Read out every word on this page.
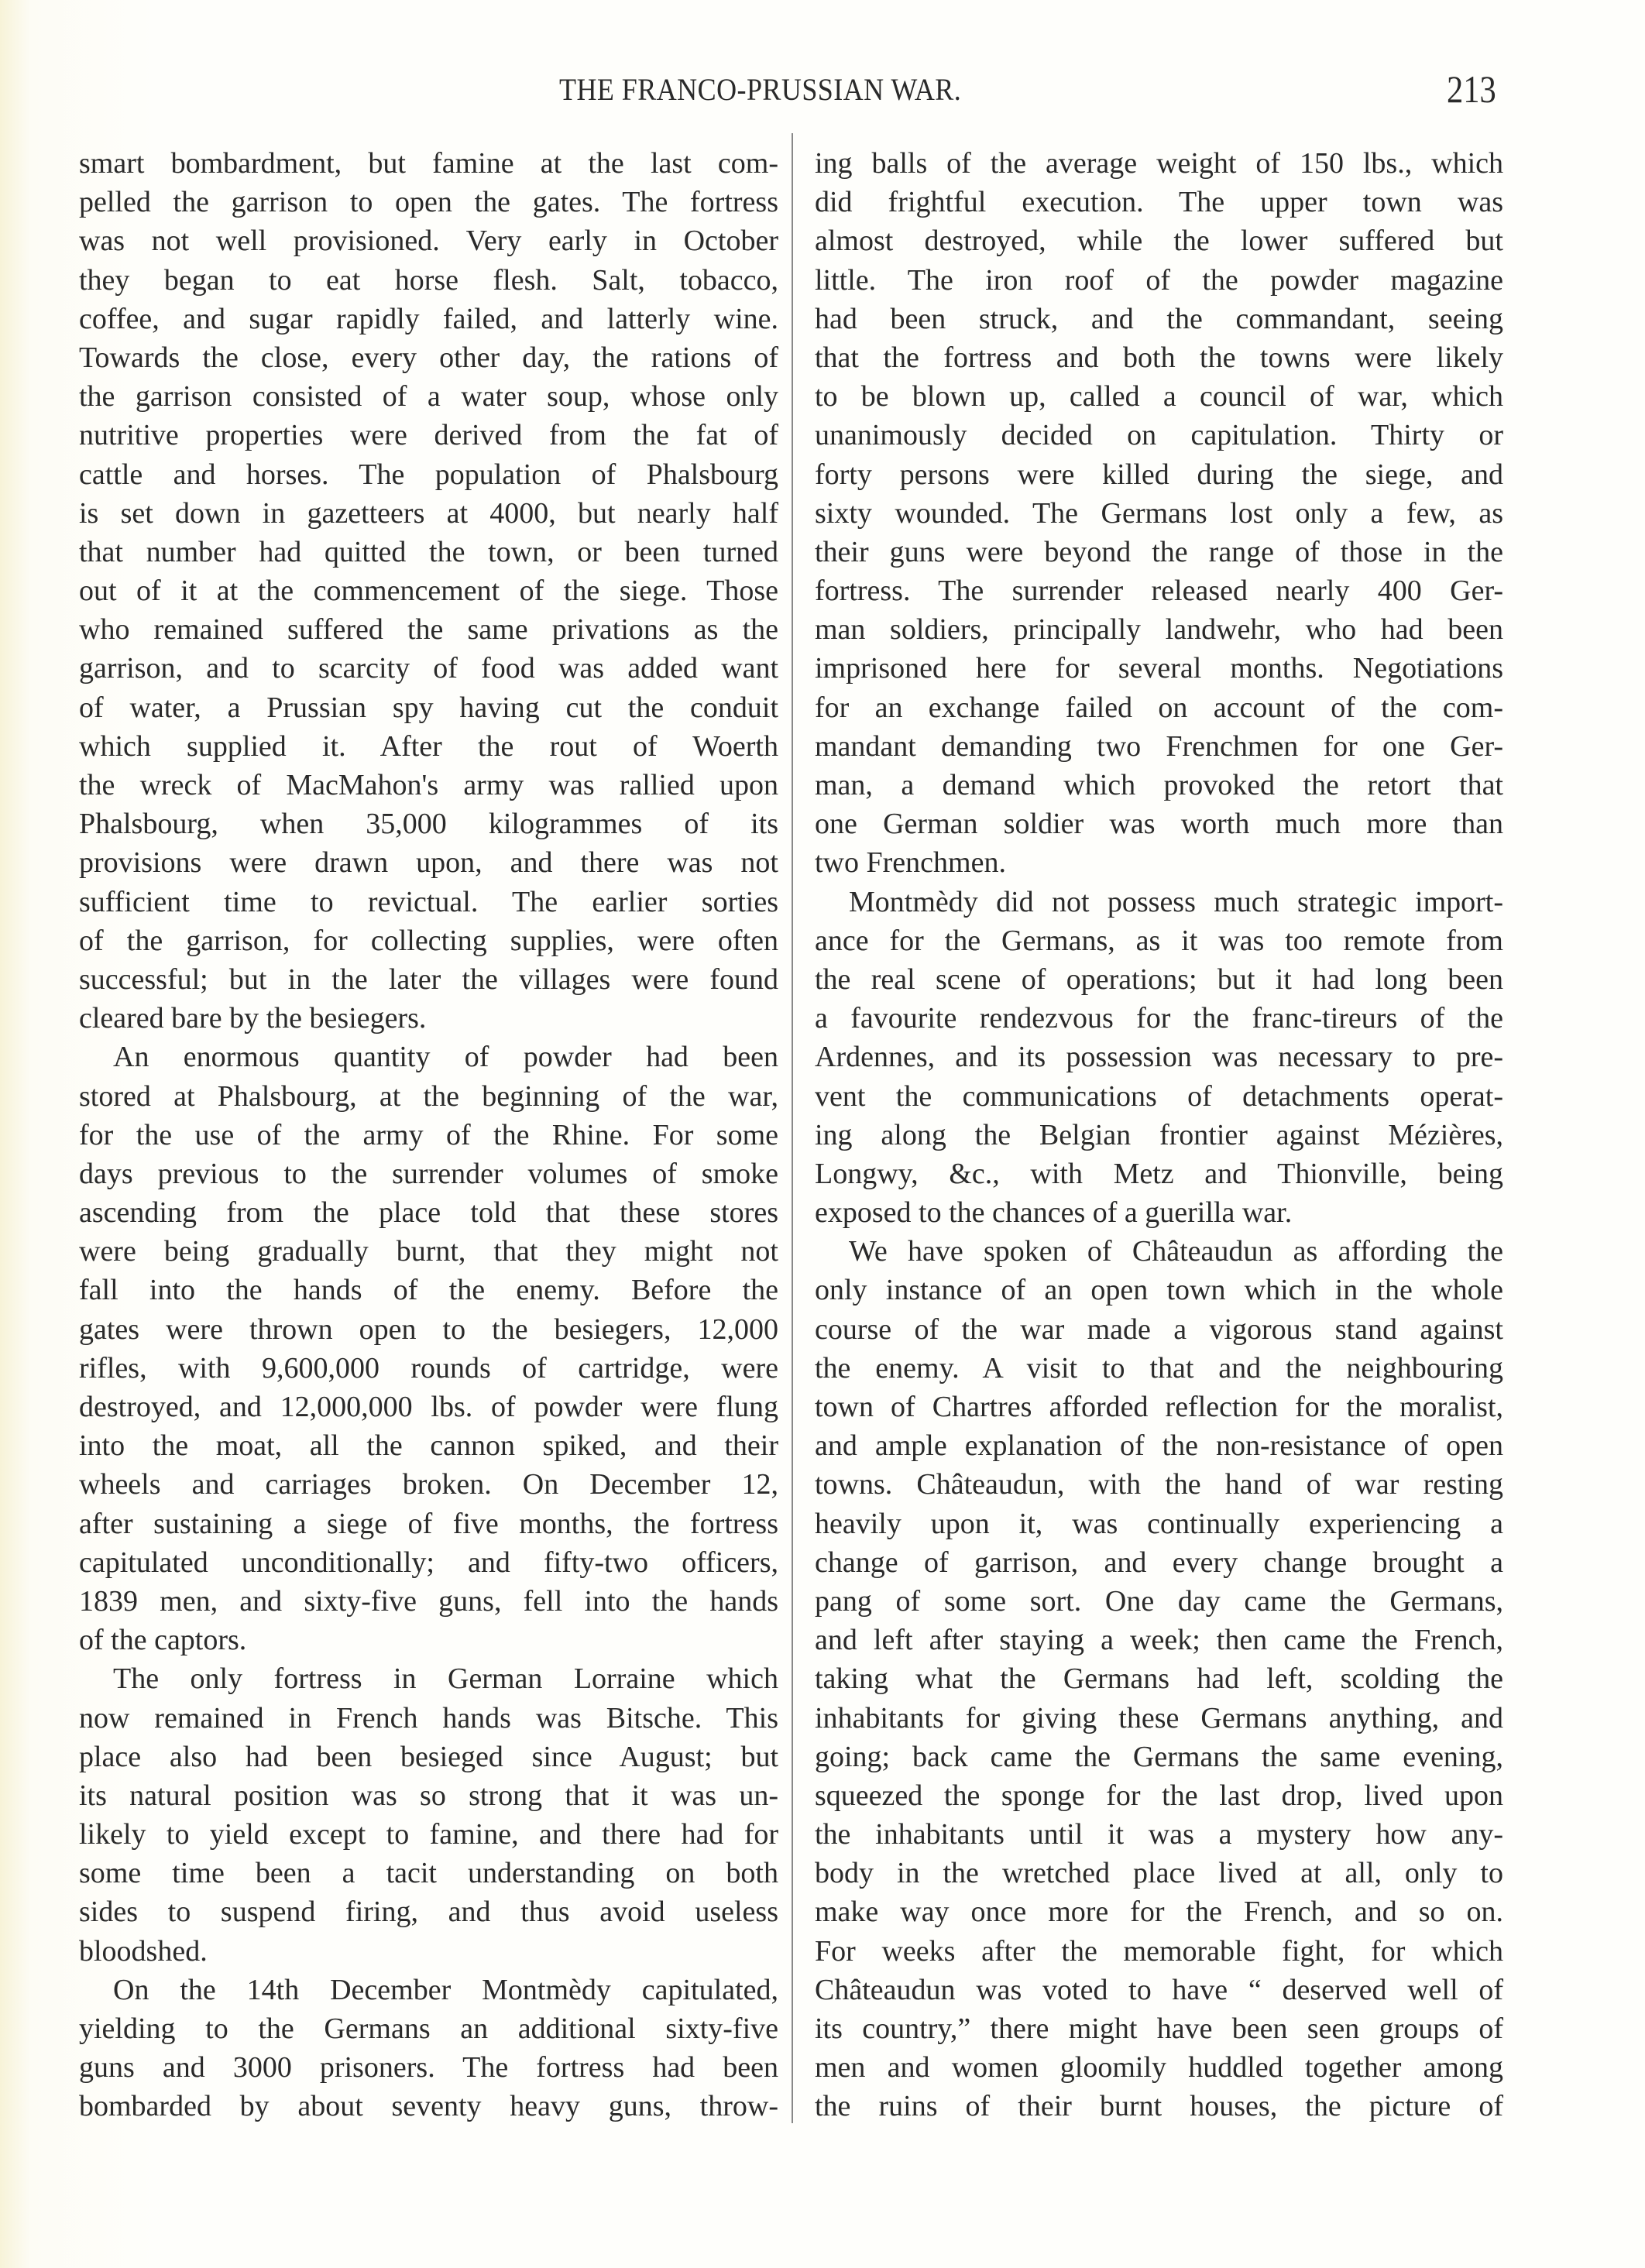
THE FRANCO-PRUSSIAN WAR.	213
smart bombardment, but famine at the last com-
pelled the garrison to open the gates. The fortress
was not well provisioned. Very early in October
they began to eat horse flesh. Salt, tobacco,
coffee, and sugar rapidly failed, and latterly wine.
Towards the close, every other day, the rations of
the garrison consisted of a water soup, whose only
nutritive properties were derived from the fat of
cattle and horses. The population of Phalsbourg
is set down in gazetteers at 4000, but nearly half
that number had quitted the town, or been turned
out of it at the commencement of the siege. Those
who remained suffered the same privations as the
garrison, and to scarcity of food was added want
of water, a Prussian spy having cut the conduit
which supplied it. After the rout of Woerth
the wreck of MacMahon's army was rallied upon
Phalsbourg, when 35,000 kilogrammes of its
provisions were drawn upon, and there was not
sufficient time to revictual. The earlier sorties
of the garrison, for collecting supplies, were often
successful; but in the later the villages were found
cleared bare by the besiegers.
An enormous quantity of powder had been
stored at Phalsbourg, at the beginning of the war,
for the use of the army of the Rhine. For some
days previous to the surrender volumes of smoke
ascending from the place told that these stores
were being gradually burnt, that they might not
fall into the hands of the enemy. Before the
gates were thrown open to the besiegers, 12,000
rifles, with 9,600,000 rounds of cartridge, were
destroyed, and 12,000,000 lbs. of powder were flung
into the moat, all the cannon spiked, and their
wheels and carriages broken. On December 12,
after sustaining a siege of five months, the fortress
capitulated unconditionally; and fifty-two officers,
1839 men, and sixty-five guns, fell into the hands
of the captors.
The only fortress in German Lorraine which
now remained in French hands was Bitsche. This
place also had been besieged since August; but
its natural position was so strong that it was un-
likely to yield except to famine, and there had for
some time been a tacit understanding on both
sides to suspend firing, and thus avoid useless
bloodshed.
On the 14th December Montmèdy capitulated,
yielding to the Germans an additional sixty-five
guns and 3000 prisoners. The fortress had been
bombarded by about seventy heavy guns, throw-
ing balls of the average weight of 150 lbs., which
did frightful execution. The upper town was
almost destroyed, while the lower suffered but
little. The iron roof of the powder magazine
had been struck, and the commandant, seeing
that the fortress and both the towns were likely
to be blown up, called a council of war, which
unanimously decided on capitulation. Thirty or
forty persons were killed during the siege, and
sixty wounded. The Germans lost only a few, as
their guns were beyond the range of those in the
fortress. The surrender released nearly 400 Ger-
man soldiers, principally landwehr, who had been
imprisoned here for several months. Negotiations
for an exchange failed on account of the com-
mandant demanding two Frenchmen for one Ger-
man, a demand which provoked the retort that
one German soldier was worth much more than
two Frenchmen.
Montmèdy did not possess much strategic import-
ance for the Germans, as it was too remote from
the real scene of operations; but it had long been
a favourite rendezvous for the franc-tireurs of the
Ardennes, and its possession was necessary to pre-
vent the communications of detachments operat-
ing along the Belgian frontier against Mézières,
Longwy, &c., with Metz and Thionville, being
exposed to the chances of a guerilla war.
We have spoken of Châteaudun as affording the
only instance of an open town which in the whole
course of the war made a vigorous stand against
the enemy. A visit to that and the neighbouring
town of Chartres afforded reflection for the moralist,
and ample explanation of the non-resistance of open
towns. Châteaudun, with the hand of war resting
heavily upon it, was continually experiencing a
change of garrison, and every change brought a
pang of some sort. One day came the Germans,
and left after staying a week; then came the French,
taking what the Germans had left, scolding the
inhabitants for giving these Germans anything, and
going; back came the Germans the same evening,
squeezed the sponge for the last drop, lived upon
the inhabitants until it was a mystery how any-
body in the wretched place lived at all, only to
make way once more for the French, and so on.
For weeks after the memorable fight, for which
Châteaudun was voted to have “ deserved well of
its country,” there might have been seen groups of
men and women gloomily huddled together among
the ruins of their burnt houses, the picture of
